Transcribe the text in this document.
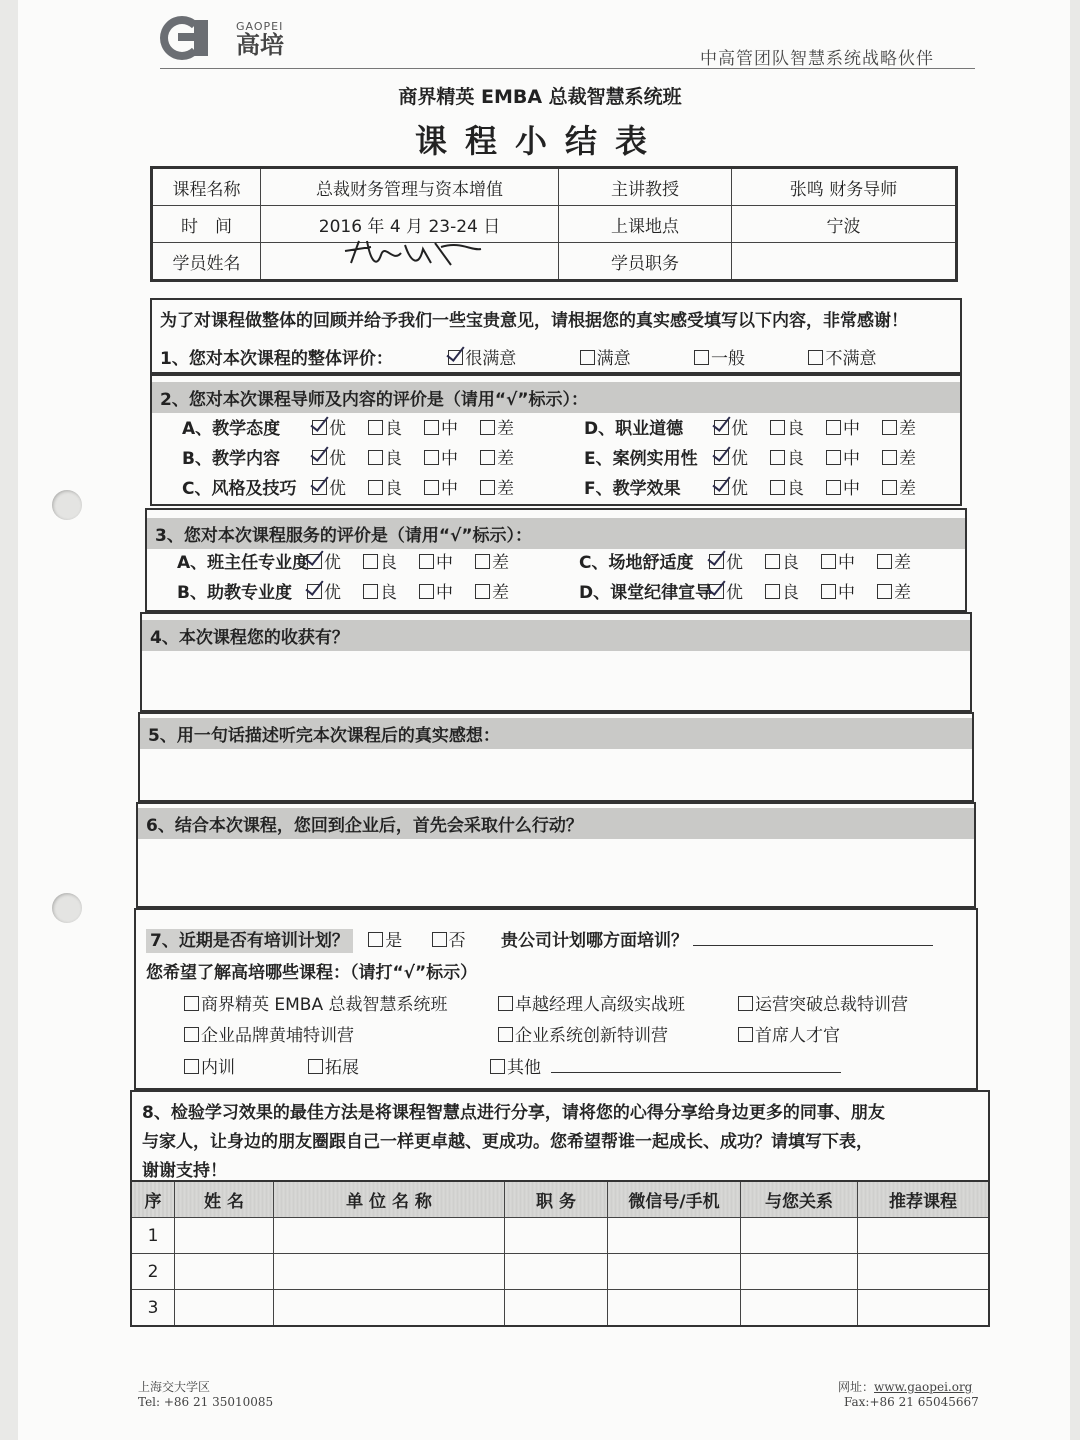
GAOPEI
高培
中高管团队智慧系统战略伙伴
商界精英 EMBA 总裁智慧系统班
课程小结表
课程名称	总裁财务管理与资本增值	主讲教授	张鸣 财务导师
时　间	2016 年 4 月 23-24 日	上课地点	宁波
学员姓名		学员职务	
为了对课程做整体的回顾并给予我们一些宝贵意见，请根据您的真实感受填写以下内容，非常感谢！
1、您对本次课程的整体评价：	很满意	满意	一般	不满意
2、您对本次课程导师及内容的评价是（请用“√”标示）：
A、教学态度	优 良 中 差	D、职业道德	优 良 中 差
B、教学内容	优 良 中 差	E、案例实用性 优 良 中 差
C、风格及技巧 优 良 中 差	F、教学效果	优 良 中 差
3、您对本次课程服务的评价是（请用“√”标示）：
A、班主任专业度 优 良 中 差	C、场地舒适度 优 良 中 差
B、助教专业度 优 良 中 差	D、课堂纪律宣导 优 良 中 差
4、本次课程您的收获有？
5、用一句话描述听完本次课程后的真实感想：
6、结合本次课程，您回到企业后，首先会采取什么行动？
7、近期是否有培训计划？ 是	否 贵公司计划哪方面培训？
您希望了解高培哪些课程：（请打“√”标示）
商界精英 EMBA 总裁智慧系统班	卓越经理人高级实战班	运营突破总裁特训营
企业品牌黄埔特训营	企业系统创新特训营	首席人才官
内训	拓展	其他
8、检验学习效果的最佳方法是将课程智慧点进行分享，请将您的心得分享给身边更多的同事、朋友
与家人，让身边的朋友圈跟自己一样更卓越、更成功。您希望帮谁一起成长、成功？请填写下表，
谢谢支持！
序	姓 名	单 位 名 称	职 务	微信号/手机	与您关系	推荐课程
1						
2						
3						
上海交大学区
Tel: +86 21 35010085
网址：www.gaopei.org
Fax:+86 21 65045667
